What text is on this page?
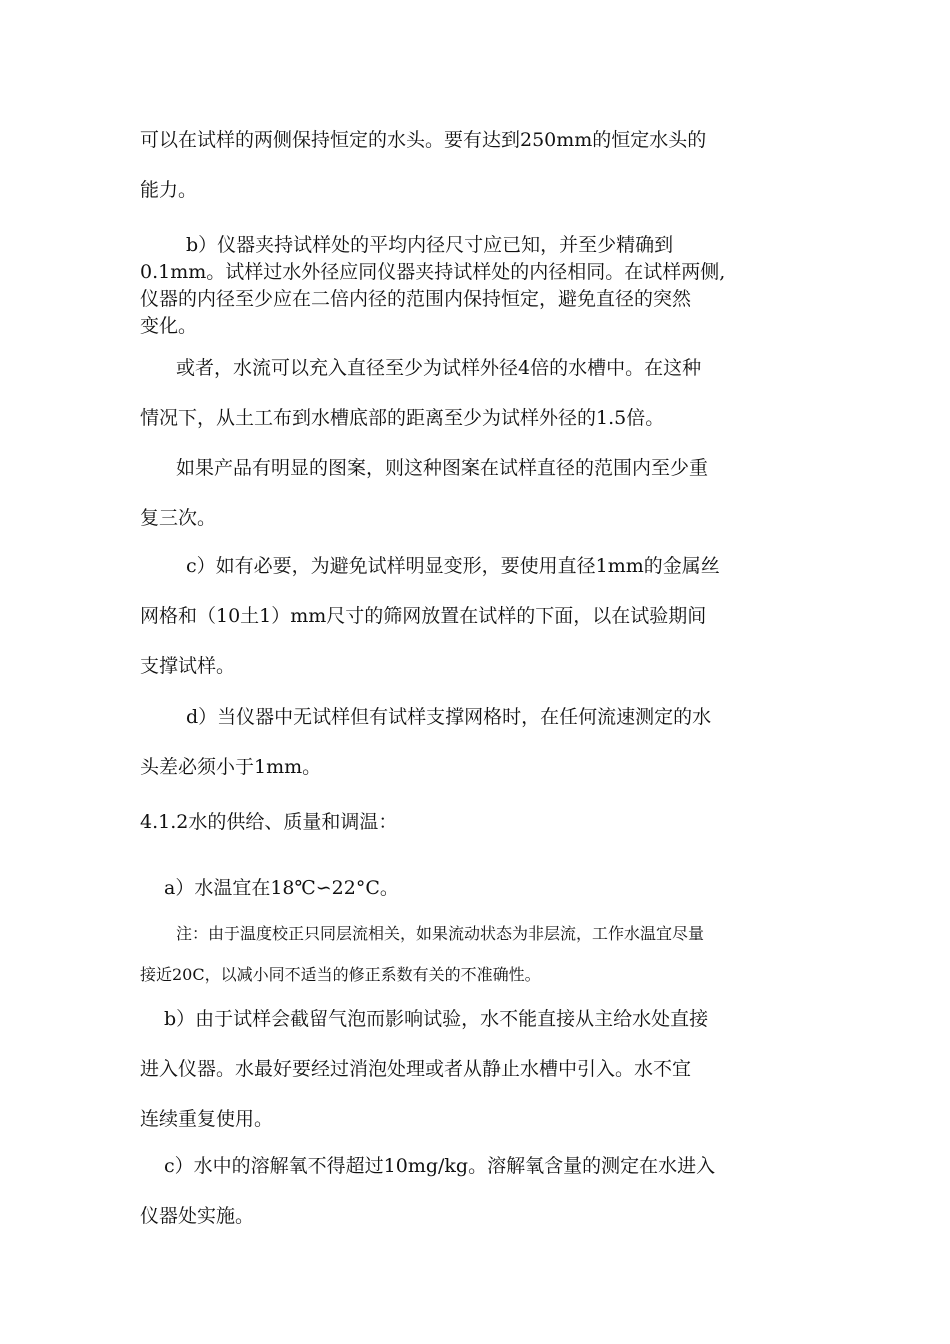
可以在试样的两侧保持恒定的水头。要有达到250mm的恒定水头的
能力。

b）仪器夹持试样处的平均内径尺寸应已知，并至少精确到
0.1mm。试样过水外径应同仪器夹持试样处的内径相同。在试样两侧,
仪器的内径至少应在二倍内径的范围内保持恒定，避免直径的突然
变化。

或者，水流可以充入直径至少为试样外径4倍的水槽中。在这种
情况下，从土工布到水槽底部的距离至少为试样外径的1.5倍。

如果产品有明显的图案，则这种图案在试样直径的范围内至少重
复三次。

c）如有必要，为避免试样明显变形，要使用直径1mm的金属丝
网格和（10土1）mm尺寸的筛网放置在试样的下面，以在试验期间
支撑试样。

d）当仪器中无试样但有试样支撑网格时，在任何流速测定的水
头差必须小于1mm。

4.1.2水的供给、质量和调温：

a）水温宜在18℃∽22°C。

注：由于温度校正只同层流相关，如果流动状态为非层流，工作水温宜尽量
接近20C，以减小同不适当的修正系数有关的不准确性。

b）由于试样会截留气泡而影响试验，水不能直接从主给水处直接
进入仪器。水最好要经过消泡处理或者从静止水槽中引入。水不宜
连续重复使用。

c）水中的溶解氧不得超过10mg/kg。溶解氧含量的测定在水进入
仪器处实施。
